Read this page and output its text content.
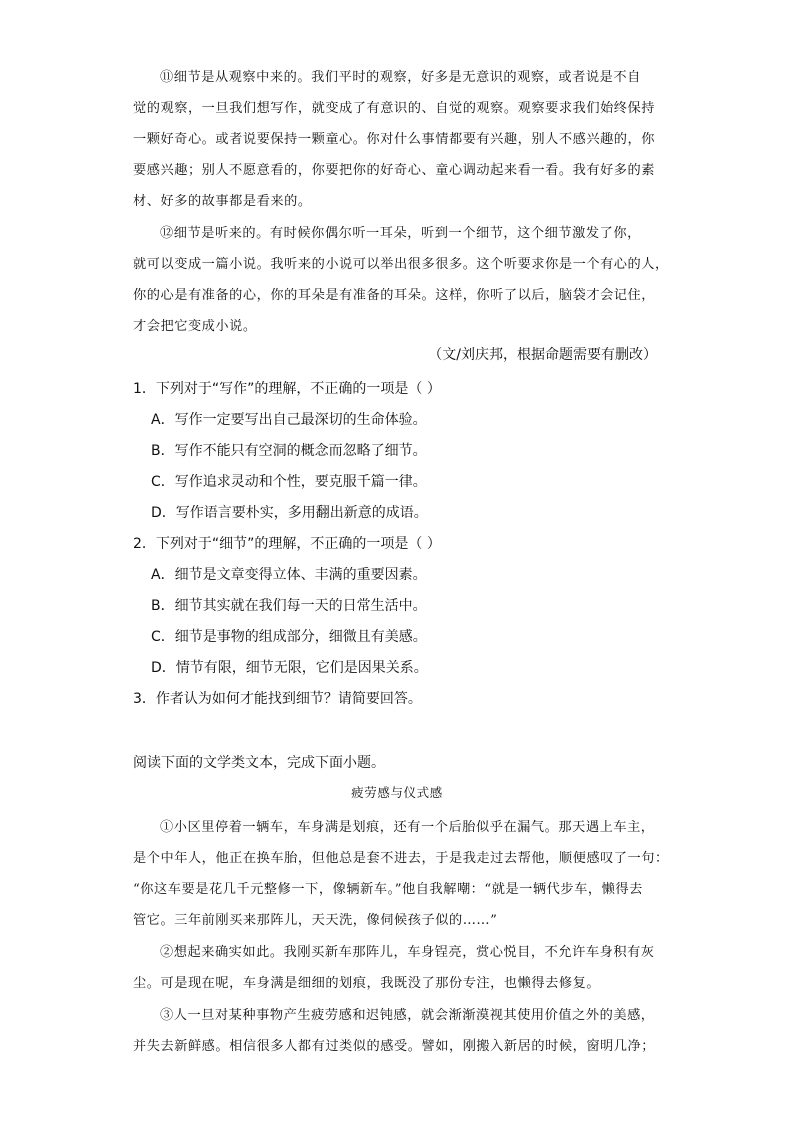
⑪细节是从观察中来的。我们平时的观察，好多是无意识的观察，或者说是不自
觉的观察，一旦我们想写作，就变成了有意识的、自觉的观察。观察要求我们始终保持
一颗好奇心。或者说要保持一颗童心。你对什么事情都要有兴趣，别人不感兴趣的，你
要感兴趣；别人不愿意看的，你要把你的好奇心、童心调动起来看一看。我有好多的素
材、好多的故事都是看来的。

⑫细节是听来的。有时候你偶尔听一耳朵，听到一个细节，这个细节激发了你，
就可以变成一篇小说。我听来的小说可以举出很多很多。这个听要求你是一个有心的人，
你的心是有准备的心，你的耳朵是有准备的耳朵。这样，你听了以后，脑袋才会记住，
才会把它变成小说。

（文/刘庆邦，根据命题需要有删改）
1．下列对于“写作”的理解，不正确的一项是（ ）
A．写作一定要写出自己最深切的生命体验。
B．写作不能只有空洞的概念而忽略了细节。
C．写作追求灵动和个性，要克服千篇一律。
D．写作语言要朴实，多用翻出新意的成语。
2．下列对于“细节”的理解，不正确的一项是（ ）
A．细节是文章变得立体、丰满的重要因素。
B．细节其实就在我们每一天的日常生活中。
C．细节是事物的组成部分，细微且有美感。
D．情节有限，细节无限，它们是因果关系。
3．作者认为如何才能找到细节？请简要回答。
阅读下面的文学类文本，完成下面小题。
疲劳感与仪式感

①小区里停着一辆车，车身满是划痕，还有一个后胎似乎在漏气。那天遇上车主，
是个中年人，他正在换车胎，但他总是套不进去，于是我走过去帮他，顺便感叹了一句：
“你这车要是花几千元整修一下，像辆新车。”他自我解嘲：“就是一辆代步车，懒得去
管它。三年前刚买来那阵儿，天天洗，像伺候孩子似的……”

②想起来确实如此。我刚买新车那阵儿，车身锃亮，赏心悦目，不允许车身积有灰
尘。可是现在呢，车身满是细细的划痕，我既没了那份专注，也懒得去修复。

③人一旦对某种事物产生疲劳感和迟钝感，就会渐渐漠视其使用价值之外的美感，
并失去新鲜感。相信很多人都有过类似的感受。譬如，刚搬入新居的时候，窗明几净；
